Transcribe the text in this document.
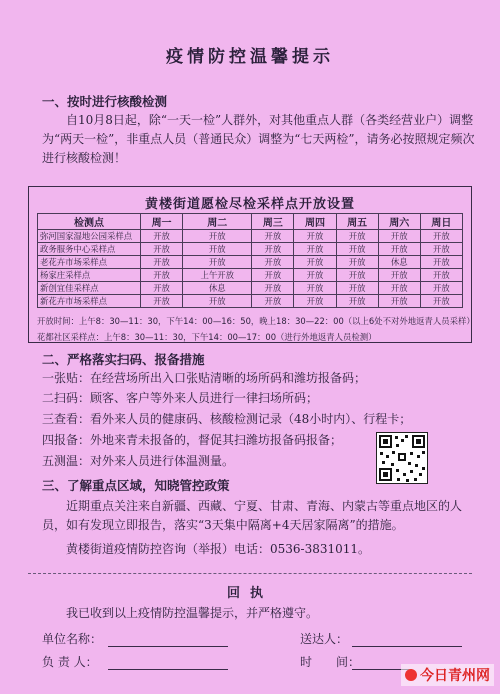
疫情防控温馨提示
一、按时进行核酸检测
自10月8日起，除“一天一检”人群外，对其他重点人群（各类经营业户）调整为“两天一检”，非重点人员（普通民众）调整为“七天两检”，请务必按照规定频次进行核酸检测！
黄楼街道愿检尽检采样点开放设置
检测点	周一	周二	周三	周四	周五	周六	周日
弥河国家湿地公园采样点	开放	开放	开放	开放	开放	开放	开放
政务服务中心采样点	开放	开放	开放	开放	开放	开放	开放
老花卉市场采样点	开放	开放	开放	开放	开放	休息	开放
杨家庄采样点	开放	上午开放	开放	开放	开放	开放	开放
新创宜佳采样点	开放	休息	开放	开放	开放	开放	开放
新花卉市场采样点	开放	开放	开放	开放	开放	开放	开放
开放时间：上午8：30—11：30，下午14：00—16：50，晚上18：30—22：00（以上6处不对外地返青人员采样）
花都社区采样点：上午8：30—11：30，下午14：00—17：00（进行外地返青人员检测）
二、严格落实扫码、报备措施
一张贴：在经营场所出入口张贴清晰的场所码和潍坊报备码；
二扫码：顾客、客户等外来人员进行一律扫场所码；
三查看：看外来人员的健康码、核酸检测记录（48小时内）、行程卡；
四报备：外地来青未报备的，督促其扫潍坊报备码报备；
五测温：对外来人员进行体温测量。
三、了解重点区域，知晓管控政策
近期重点关注来自新疆、西藏、宁夏、甘肃、青海、内蒙古等重点地区的人员，如有发现立即报告，落实“3天集中隔离+4天居家隔离”的措施。
黄楼街道疫情防控咨询（举报）电话：0536-3831011。
回执
我已收到以上疫情防控温馨提示，并严格遵守。
单位名称：	送达人：
负 责 人：	时　　间：
今日青州网
